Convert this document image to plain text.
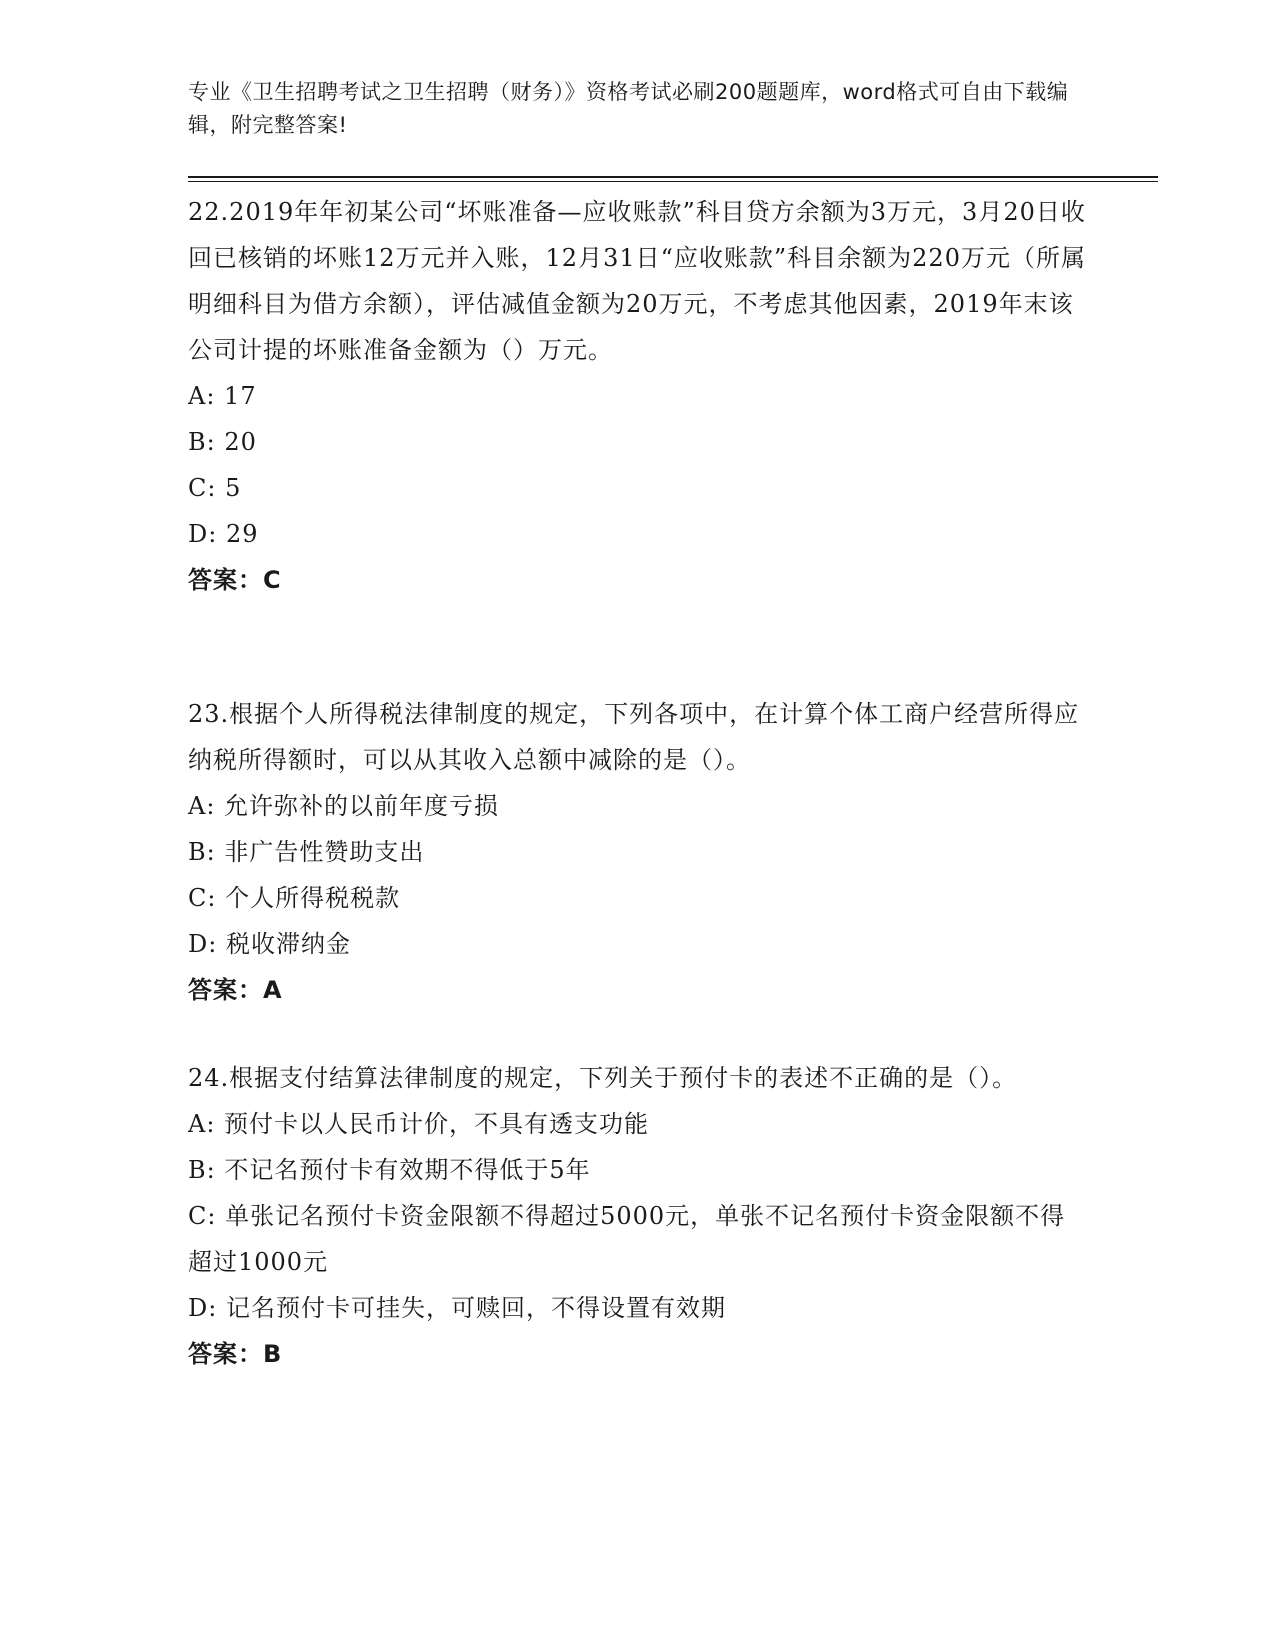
专业《卫生招聘考试之卫生招聘（财务）》资格考试必刷200题题库，word格式可自由下载编辑，附完整答案!
22.2019年年初某公司“坏账准备—应收账款”科目贷方余额为3万元，3月20日收回已核销的坏账12万元并入账，12月31日“应收账款”科目余额为220万元（所属明细科目为借方余额），评估减值金额为20万元，不考虑其他因素，2019年末该公司计提的坏账准备金额为（）万元。
A: 17
B: 20
C: 5
D: 29
答案：C
23.根据个人所得税法律制度的规定，下列各项中，在计算个体工商户经营所得应纳税所得额时，可以从其收入总额中减除的是（）。
A: 允许弥补的以前年度亏损
B: 非广告性赞助支出
C: 个人所得税税款
D: 税收滞纳金
答案：A
24.根据支付结算法律制度的规定，下列关于预付卡的表述不正确的是（）。
A: 预付卡以人民币计价，不具有透支功能
B: 不记名预付卡有效期不得低于5年
C: 单张记名预付卡资金限额不得超过5000元，单张不记名预付卡资金限额不得超过1000元
D: 记名预付卡可挂失，可赎回，不得设置有效期
答案：B
